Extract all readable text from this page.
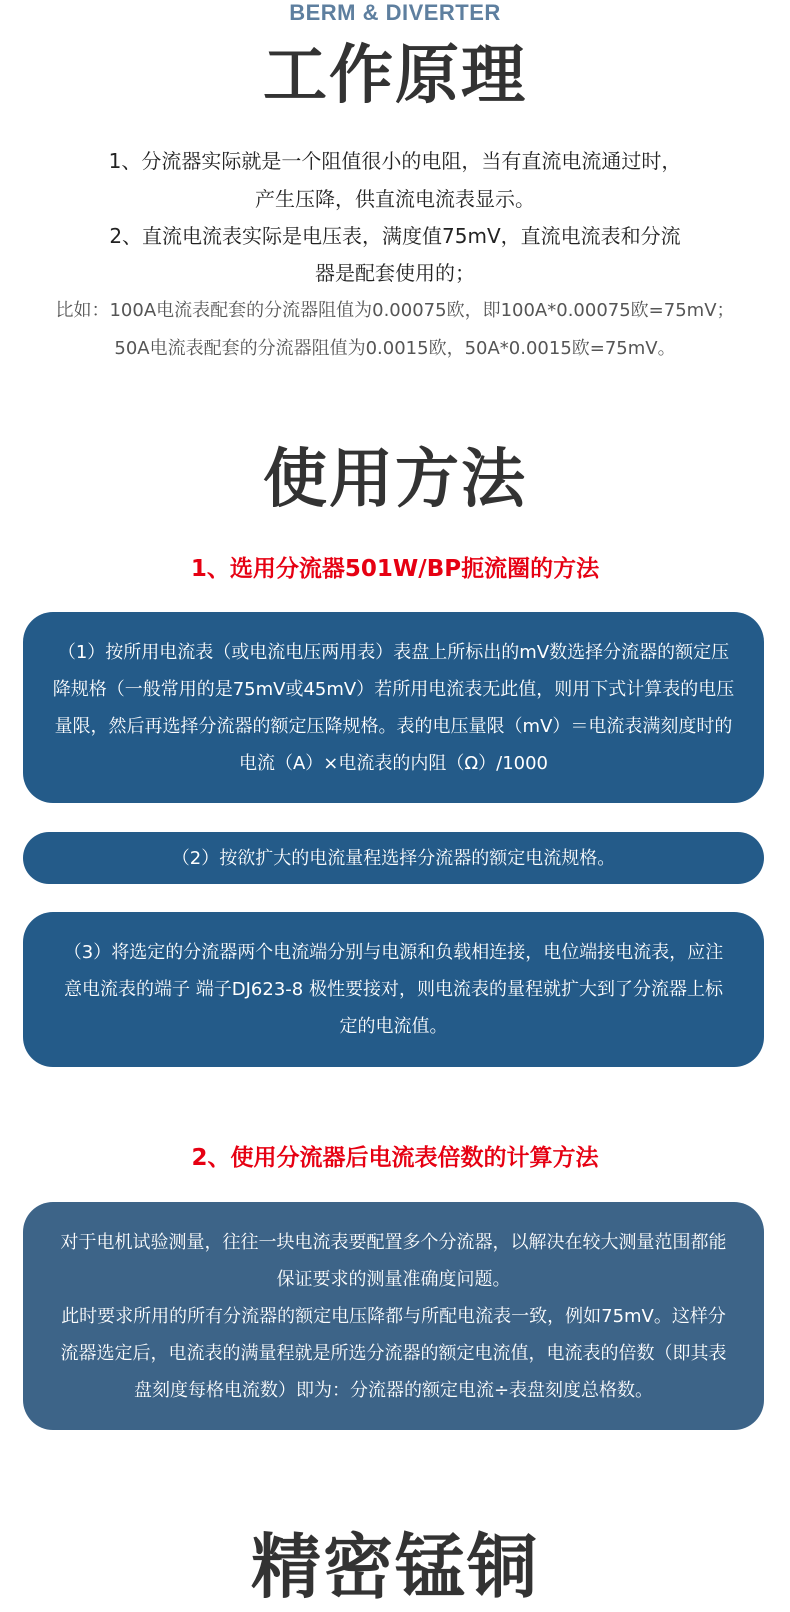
BERM & DIVERTER
工作原理
1、分流器实际就是一个阻值很小的电阻，当有直流电流通过时，
产生压降，供直流电流表显示。
2、直流电流表实际是电压表，满度值75mV，直流电流表和分流
器是配套使用的；
比如：100A电流表配套的分流器阻值为0.00075欧，即100A*0.00075欧=75mV；
50A电流表配套的分流器阻值为0.0015欧，50A*0.0015欧=75mV。
使用方法
1、选用分流器501W/BP扼流圈的方法
（1）按所用电流表（或电流电压两用表）表盘上所标出的mV数选择分流器的额定压
降规格（一般常用的是75mV或45mV）若所用电流表无此值，则用下式计算表的电压
量限，然后再选择分流器的额定压降规格。表的电压量限（mV）＝电流表满刻度时的
电流（A）×电流表的内阻（Ω）/1000
（2）按欲扩大的电流量程选择分流器的额定电流规格。
（3）将选定的分流器两个电流端分别与电源和负载相连接，电位端接电流表，应注
意电流表的端子 端子DJ623-8 极性要接对，则电流表的量程就扩大到了分流器上标
定的电流值。
2、使用分流器后电流表倍数的计算方法
对于电机试验测量，往往一块电流表要配置多个分流器，以解决在较大测量范围都能
保证要求的测量准确度问题。
此时要求所用的所有分流器的额定电压降都与所配电流表一致，例如75mV。这样分
流器选定后，电流表的满量程就是所选分流器的额定电流值，电流表的倍数（即其表
盘刻度每格电流数）即为：分流器的额定电流÷表盘刻度总格数。
精密锰铜
